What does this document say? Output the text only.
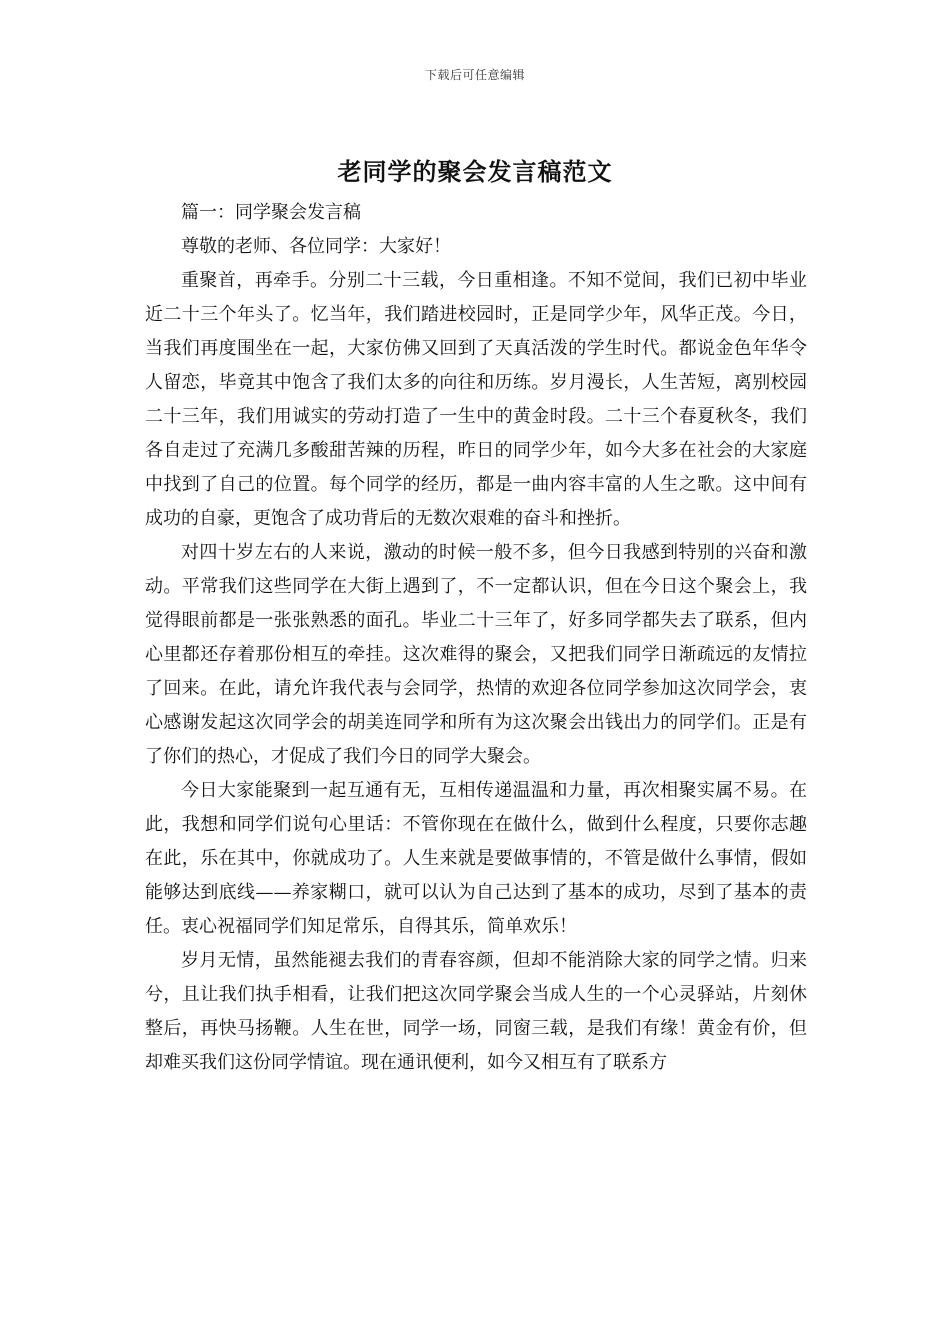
下载后可任意编辑
老同学的聚会发言稿范文

篇一：同学聚会发言稿

尊敬的老师、各位同学：大家好！

重聚首，再牵手。分别二十三载，今日重相逢。不知不觉间，我们已初中毕业近二十三个年头了。忆当年，我们踏进校园时，正是同学少年，风华正茂。今日，当我们再度围坐在一起，大家仿佛又回到了天真活泼的学生时代。都说金色年华令人留恋，毕竟其中饱含了我们太多的向往和历练。岁月漫长，人生苦短，离别校园二十三年，我们用诚实的劳动打造了一生中的黄金时段。二十三个春夏秋冬，我们各自走过了充满几多酸甜苦辣的历程，昨日的同学少年，如今大多在社会的大家庭中找到了自己的位置。每个同学的经历，都是一曲内容丰富的人生之歌。这中间有成功的自豪，更饱含了成功背后的无数次艰难的奋斗和挫折。

对四十岁左右的人来说，激动的时候一般不多，但今日我感到特别的兴奋和激动。平常我们这些同学在大街上遇到了，不一定都认识，但在今日这个聚会上，我觉得眼前都是一张张熟悉的面孔。毕业二十三年了，好多同学都失去了联系，但内心里都还存着那份相互的牵挂。这次难得的聚会，又把我们同学日渐疏远的友情拉了回来。在此，请允许我代表与会同学，热情的欢迎各位同学参加这次同学会，衷心感谢发起这次同学会的胡美连同学和所有为这次聚会出钱出力的同学们。正是有了你们的热心，才促成了我们今日的同学大聚会。

今日大家能聚到一起互通有无，互相传递温温和力量，再次相聚实属不易。在此，我想和同学们说句心里话：不管你现在在做什么，做到什么程度，只要你志趣在此，乐在其中，你就成功了。人生来就是要做事情的，不管是做什么事情，假如能够达到底线——养家糊口，就可以认为自己达到了基本的成功，尽到了基本的责任。衷心祝福同学们知足常乐，自得其乐，简单欢乐！

岁月无情，虽然能褪去我们的青春容颜，但却不能消除大家的同学之情。归来兮，且让我们执手相看，让我们把这次同学聚会当成人生的一个心灵驿站，片刻休整后，再快马扬鞭。人生在世，同学一场，同窗三载，是我们有缘！黄金有价，但却难买我们这份同学情谊。现在通讯便利，如今又相互有了联系方
